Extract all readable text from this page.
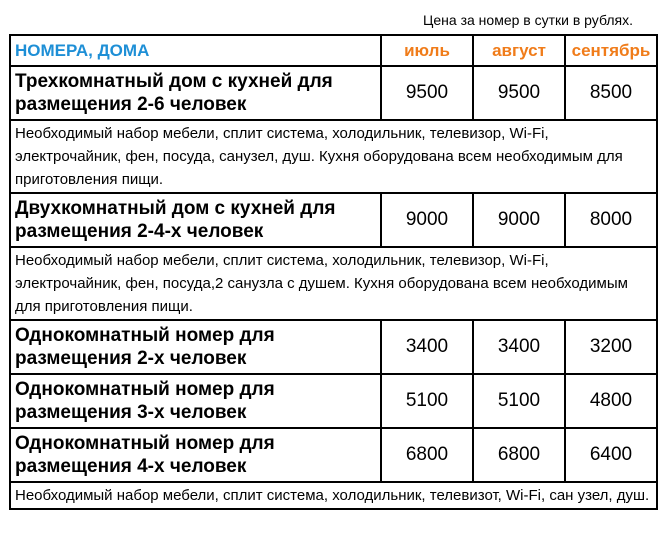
Цена за номер в сутки в рублях.
НОМЕРА, ДОМА	июль	август	сентябрь
Трехкомнатный дом с кухней для размещения 2-6 человек	9500	9500	8500
Необходимый набор мебели, сплит система, холодильник, телевизор, Wi-Fi, электрочайник, фен, посуда, санузел, душ. Кухня оборудована всем необходимым для приготовления пищи.			
Двухкомнатный дом с кухней для размещения 2-4-х человек	9000	9000	8000
Необходимый набор мебели, сплит система, холодильник, телевизор, Wi-Fi, электрочайник, фен, посуда,2 санузла с душем. Кухня оборудована всем необходимым для приготовления пищи.			
Однокомнатный номер для размещения 2-х человек	3400	3400	3200
Однокомнатный номер для размещения 3-х человек	5100	5100	4800
Однокомнатный номер для размещения 4-х человек	6800	6800	6400
Необходимый набор мебели, сплит система, холодильник, телевизот, Wi-Fi, сан узел, душ.			
